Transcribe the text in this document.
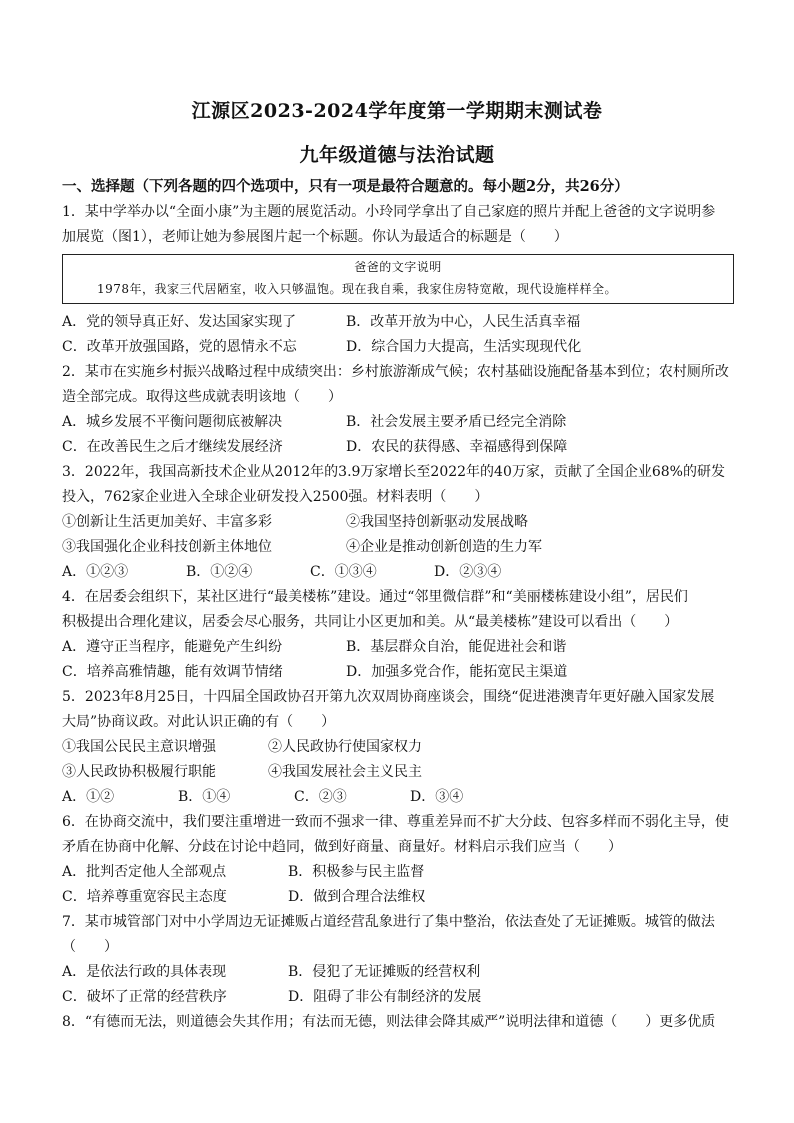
江源区2023-2024学年度第一学期期末测试卷
九年级道德与法治试题
一、选择题（下列各题的四个选项中，只有一项是最符合题意的。每小题2分，共26分）

1．某中学举办以“全面小康”为主题的展览活动。小玲同学拿出了自己家庭的照片并配上爸爸的文字说明参

加展览（图1），老师让她为参展图片起一个标题。你认为最适合的标题是（　　）

爸爸的文字说明
1978年，我家三代居陋室，收入只够温饱。现在我自乘，我家住房特宽敞，现代设施样样全。
A．党的领导真正好、发达国家实现了	B．改革开放为中心，人民生活真幸福
C．改革开放强国路，党的恩情永不忘	D．综合国力大提高，生活实现现代化

2．某市在实施乡村振兴战略过程中成绩突出：乡村旅游渐成气候；农村基础设施配备基本到位；农村厕所改

造全部完成。取得这些成就表明该地（　　）

A．城乡发展不平衡问题彻底被解决	B．社会发展主要矛盾已经完全消除
C．在改善民生之后才继续发展经济	D．农民的获得感、幸福感得到保障

3．2022年，我国高新技术企业从2012年的3.9万家增长至2022年的40万家，贡献了全国企业68%的研发

投入，762家企业进入全球企业研发投入2500强。材料表明（　　）

①创新让生活更加美好、丰富多彩	②我国坚持创新驱动发展战略
③我国强化企业科技创新主体地位	④企业是推动创新创造的生力军
A．①②③	B．①②④	C．①③④	D．②③④

4．在居委会组织下，某社区进行“最美楼栋”建设。通过“邻里微信群”和“美丽楼栋建设小组”，居民们

积极提出合理化建议，居委会尽心服务，共同让小区更加和美。从“最美楼栋”建设可以看出（　　）

A．遵守正当程序，能避免产生纠纷	B．基层群众自治，能促进社会和谐
C．培养高雅情趣，能有效调节情绪	D．加强多党合作，能拓宽民主渠道

5．2023年8月25日，十四届全国政协召开第九次双周协商座谈会，围绕“促进港澳青年更好融入国家发展

大局”协商议政。对此认识正确的有（　　）

①我国公民民主意识增强	②人民政协行使国家权力
③人民政协积极履行职能	④我国发展社会主义民主
A．①②	B．①④	C．②③	D．③④

6．在协商交流中，我们要注重增进一致而不强求一律、尊重差异而不扩大分歧、包容多样而不弱化主导，使

矛盾在协商中化解、分歧在讨论中趋同，做到好商量、商量好。材料启示我们应当（　　）

A．批判否定他人全部观点	B．积极参与民主监督
C．培养尊重宽容民主态度	D．做到合理合法维权

7．某市城管部门对中小学周边无证摊贩占道经营乱象进行了集中整治，依法查处了无证摊贩。城管的做法

（　　）

A．是依法行政的具体表现	B．侵犯了无证摊贩的经营权利
C．破坏了正常的经营秩序	D．阻碍了非公有制经济的发展

8．“有德而无法，则道德会失其作用；有法而无德，则法律会降其威严”说明法律和道德（　　）更多优质
